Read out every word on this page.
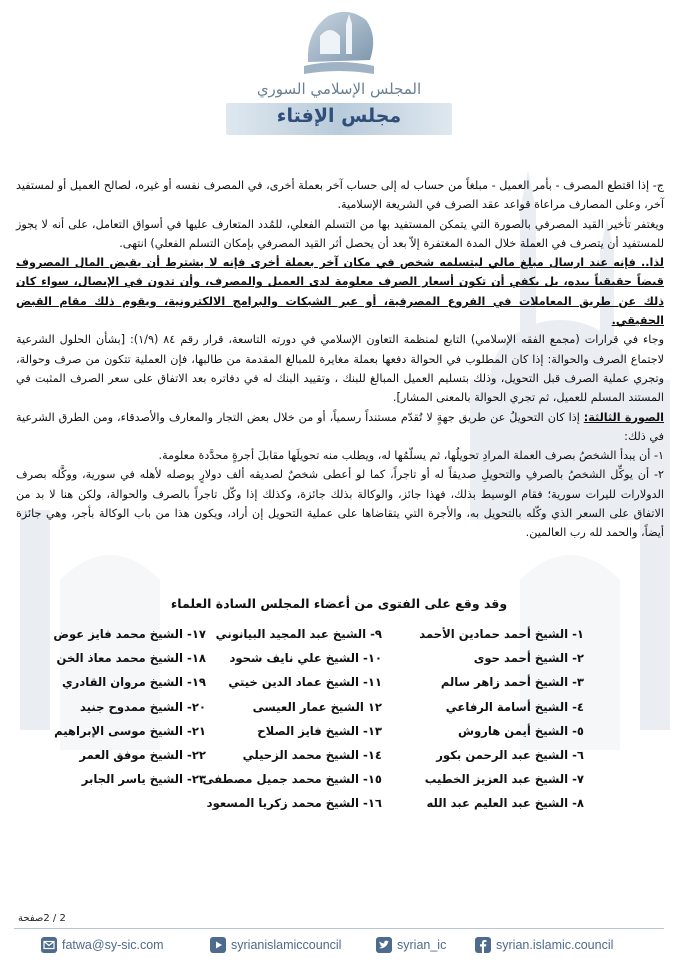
المجلس الإسلامي السوري
مجلس الإفتاء

ج- إذا اقتطع المصرف - بأمر العميل - مبلغاً من حساب له إلى حساب آخر بعملة أخرى، في المصرف نفسه أو غيره، لصالح العميل أو لمستفيد آخر، وعلى المصارف مراعاة قواعد عقد الصرف في الشريعة الإسلامية.

ويغتفر تأخير القيد المصرفي بالصورة التي يتمكن المستفيد بها من التسلم الفعلي، للمُدد المتعارف عليها في أسواق التعامل، على أنه لا يجوز للمستفيد أن يتصرف في العملة خلال المدة المغتفرة إلاّ بعد أن يحصل أثر القيد المصرفي بإمكان التسلم الفعلي) انتهى.

لذا.. فإنه عند ارسال مبلغ مالي ليتسلمه شخص في مكان آخر بعملة أخرى فإنه لا يشترط أن يقبض المال المصروف قبضاً حقيقياً بيده، بل يكفي أن تكون أسعار الصرف معلومة لدى العميل والمصرف، وأن تدون في الإيصال، سواء كان ذلك عن طريق المعاملات في الفروع المصرفية، أو عبر الشبكات والبرامج الالكترونية، ويقوم ذلك مقام القبض الحقيقي.

وجاء في قرارات (مجمع الفقه الإسلامي) التابع لمنظمة التعاون الإسلامي في دورته التاسعة، قرار رقم ٨٤ (١/٩): [بشأن الحلول الشرعية لاجتماع الصرف والحوالة: إذا كان المطلوب في الحوالة دفعها بعملة مغايرة للمبالغ المقدمة من طالبها، فإن العملية تتكون من صرف وحوالة، وتجري عملية الصرف قبل التحويل، وذلك بتسليم العميل المبالغ للبنك ، وتقييد البنك له في دفاتره بعد الاتفاق على سعر الصرف المثبت في المستند المسلم للعميل، ثم تجري الحوالة بالمعنى المشار].

الصورة الثالثة: إذا كان التحويلُ عن طريق جهةٍ لا تُقدّم مستنداً رسمياً، أو من خلال بعض التجار والمعارف والأصدقاء، ومن الطرق الشرعية في ذلك:

١- أن يبدأ الشخصُ بصرف العملة المرادِ تحويلُها، ثم يسلّمُها له، ويطلب منه تحويلَها مقابلَ أجرةٍ محدَّدة معلومة.

٢- أن يوكِّل الشخصُ بالصرفِ والتحويلِ صديقاً له أو تاجراً، كما لو أعطى شخصٌ لصديقه ألف دولارٍ يوصله لأهله في سورية، ووكَّله بصرف الدولارات لليرات سورية؛ فقام الوسيط بذلك، فهذا جائز، والوكالة بذلك جائزة، وكذلك إذا وكّل تاجراً بالصرف والحوالة، ولكن هنا لا بد من الاتفاق على السعر الذي وكّله بالتحويل به، والأجرة التي يتقاضاها على عملية التحويل إن أراد، ويكون هذا من باب الوكالة بأجر، وهي جائزة أيضاً، والحمد لله رب العالمين.

وقد وقع على الفتوى من أعضاء المجلس السادة العلماء
١- الشيخ أحمد حمادين الأحمد
٢- الشيخ أحمد حوى
٣- الشيخ أحمد زاهر سالم
٤- الشيخ أسامة الرفاعي
٥- الشيخ أيمن هاروش
٦- الشيخ عبد الرحمن بكور
٧- الشيخ عبد العزيز الخطيب
٨- الشيخ عبد العليم عبد الله
٩- الشيخ عبد المجيد البيانوني
١٠- الشيخ علي نايف شحود
١١- الشيخ عماد الدين خيتي
١٢ الشيخ عمار العيسى
١٣- الشيخ فايز الصلاح
١٤- الشيخ محمد الزحيلي
١٥- الشيخ محمد جميل مصطفى
١٦- الشيخ محمد زكريا المسعود
١٧- الشيخ محمد فايز عوض
١٨- الشيخ محمد معاذ الخن
١٩- الشيخ مروان القادري
٢٠- الشيخ ممدوح جنيد
٢١- الشيخ موسى الإبراهيم
٢٢- الشيخ موفق العمر
٢٣- الشيخ ياسر الجابر
2 / 2صفحة
fatwa@sy-sic.com	syrianislamiccouncil	syrian_ic	syrian.islamic.council
